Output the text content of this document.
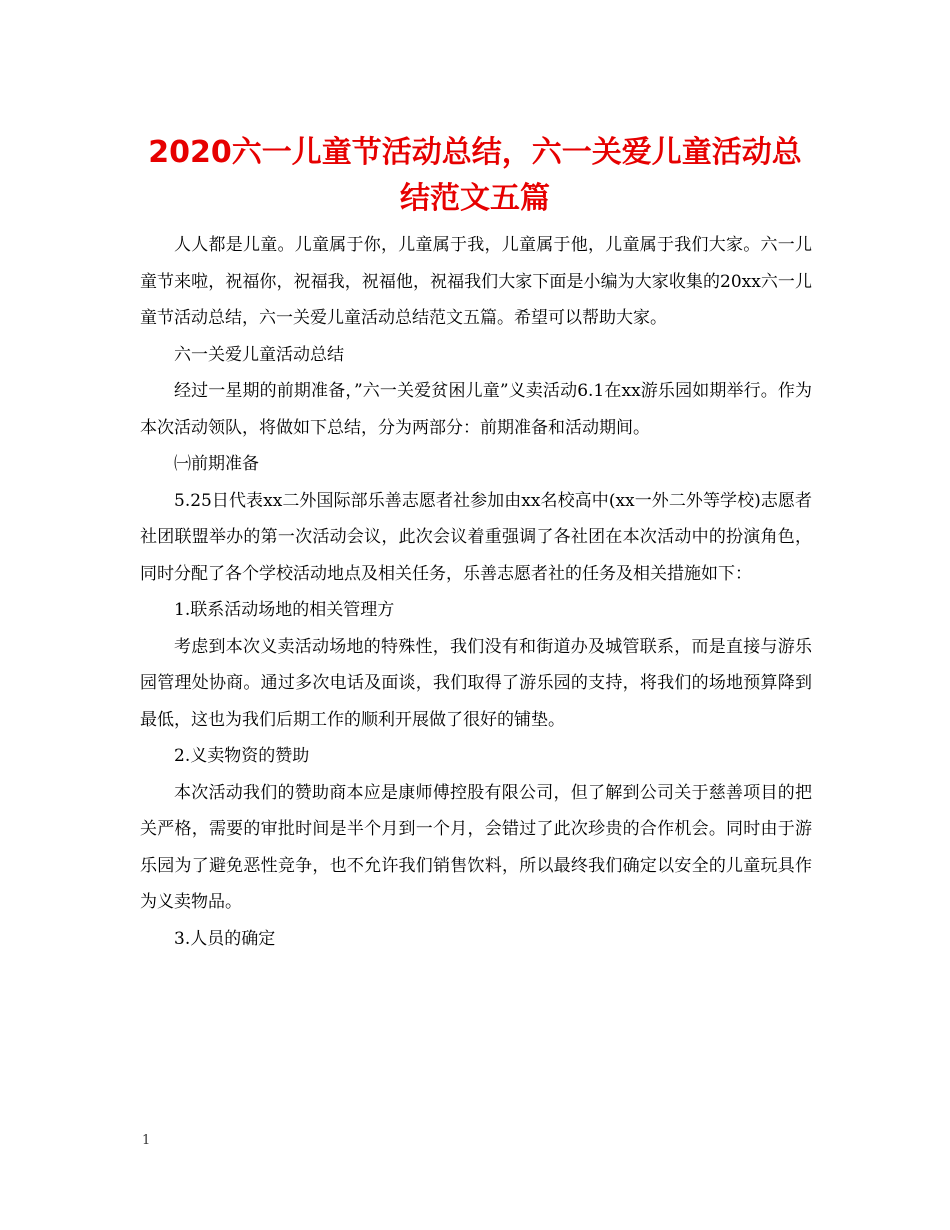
2020六一儿童节活动总结，六一关爱儿童活动总结范文五篇

人人都是儿童。儿童属于你，儿童属于我，儿童属于他，儿童属于我们大家。六一儿童节来啦，祝福你，祝福我，祝福他，祝福我们大家下面是小编为大家收集的20xx六一儿童节活动总结，六一关爱儿童活动总结范文五篇。希望可以帮助大家。

六一关爱儿童活动总结

经过一星期的前期准备，”六一关爱贫困儿童”义卖活动6.1在xx游乐园如期举行。作为本次活动领队，将做如下总结，分为两部分：前期准备和活动期间。

㈠前期准备

5.25日代表xx二外国际部乐善志愿者社参加由xx名校高中(xx一外二外等学校)志愿者社团联盟举办的第一次活动会议，此次会议着重强调了各社团在本次活动中的扮演角色，同时分配了各个学校活动地点及相关任务，乐善志愿者社的任务及相关措施如下：

1.联系活动场地的相关管理方

考虑到本次义卖活动场地的特殊性，我们没有和街道办及城管联系，而是直接与游乐园管理处协商。通过多次电话及面谈，我们取得了游乐园的支持，将我们的场地预算降到最低，这也为我们后期工作的顺利开展做了很好的铺垫。

2.义卖物资的赞助

本次活动我们的赞助商本应是康师傅控股有限公司，但了解到公司关于慈善项目的把关严格，需要的审批时间是半个月到一个月，会错过了此次珍贵的合作机会。同时由于游乐园为了避免恶性竞争，也不允许我们销售饮料，所以最终我们确定以安全的儿童玩具作为义卖物品。

3.人员的确定

1
